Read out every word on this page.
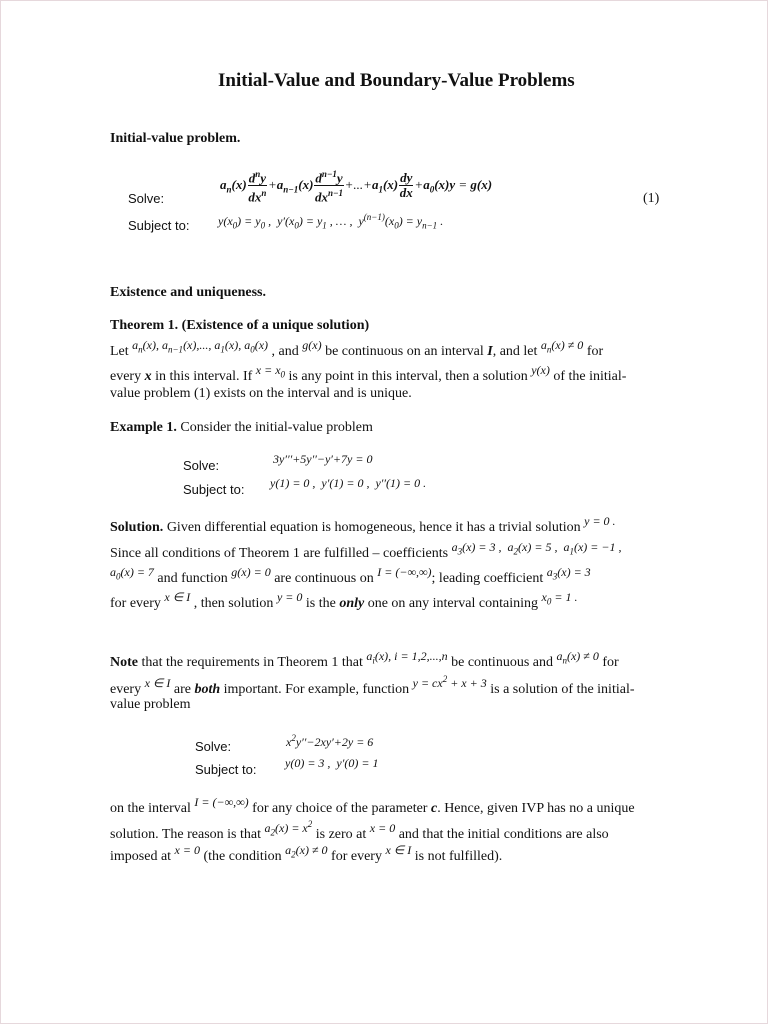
Initial-Value and Boundary-Value Problems
Initial-value problem.
Solve:
$a_n(x) \frac{d^ny}{dx^n} +a_{n-1}(x) \frac{d^{n-1}y}{dx^{n-1}} +...+a_1(x) \frac{dy}{dx} +a_0(x)y = g(x)$
(1)
Subject to: $y(x_0) = y_0$ ,  $y'(x_0) = y_1$ , … ,  $y^{(n-1)}(x_0) = y_{n-1}$ .
Existence and uniqueness.
Theorem 1. (Existence of a unique solution)
Let $a_n(x)$, $a_{n-1}(x)$,..., $a_1(x)$, $a_0(x)$ , and g(x) be continuous on an interval I, and let $a_n(x) \ne 0$ for
every x in this interval. If $x = x_0$ is any point in this interval, then a solution y(x) of the initial-
value problem (1) exists on the interval and is unique.
Example 1. Consider the initial-value problem
Solve:	3y′′′+5y′′−y′+7y = 0
Subject to: y(1) = 0 ,  y′(1) = 0 ,  y′′(1) = 0 .
Solution. Given differential equation is homogeneous, hence it has a trivial solution y = 0 .
Since all conditions of Theorem 1 are fulfilled – coefficients $a_3(x) = 3$ ,  $a_2(x) = 5$ ,  $a_1(x) = -1$ ,
$a_0(x) = 7$ and function g(x) = 0 are continuous on I = (−∞,∞); leading coefficient $a_3(x) = 3$
for every x ∈ I , then solution y = 0 is the only one on any interval containing $x_0 = 1$ .
Note that the requirements in Theorem 1 that $a_i(x)$, i = 1,2,...,n be continuous and $a_n(x) \ne 0$ for
every x ∈ I are both important. For example, function $y = cx^2 + x + 3$ is a solution of the initial-
value problem
Solve:	$x^2y''-2xy'+2y = 6$
Subject to: y(0) = 3 ,  y′(0) = 1
on the interval I = (−∞,∞) for any choice of the parameter c. Hence, given IVP has no a unique
solution. The reason is that $a_2(x) = x^2$ is zero at x = 0 and that the initial conditions are also
imposed at x = 0 (the condition $a_2(x) \ne 0$ for every x ∈ I is not fulfilled).
